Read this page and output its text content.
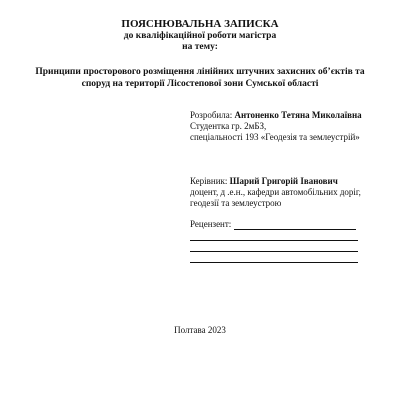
ПОЯСНЮВАЛЬНА ЗАПИСКА
до кваліфікаційної роботи магістра
на тему:
Принципи просторового розміщення лінійних штучних захисних об’єктів та
споруд на території Лісостепової зони Сумської області
Розробила: Антоненко Тетяна Миколаївна
Студентка гр. 2мБЗ,
спеціальності 193 «Геодезія та землеустрій»
Керівник: Шарий Григорій Іванович
доцент, д .е.н., кафедри автомобільних доріг,
геодезії та землеустрою
Рецензент:
Полтава 2023
